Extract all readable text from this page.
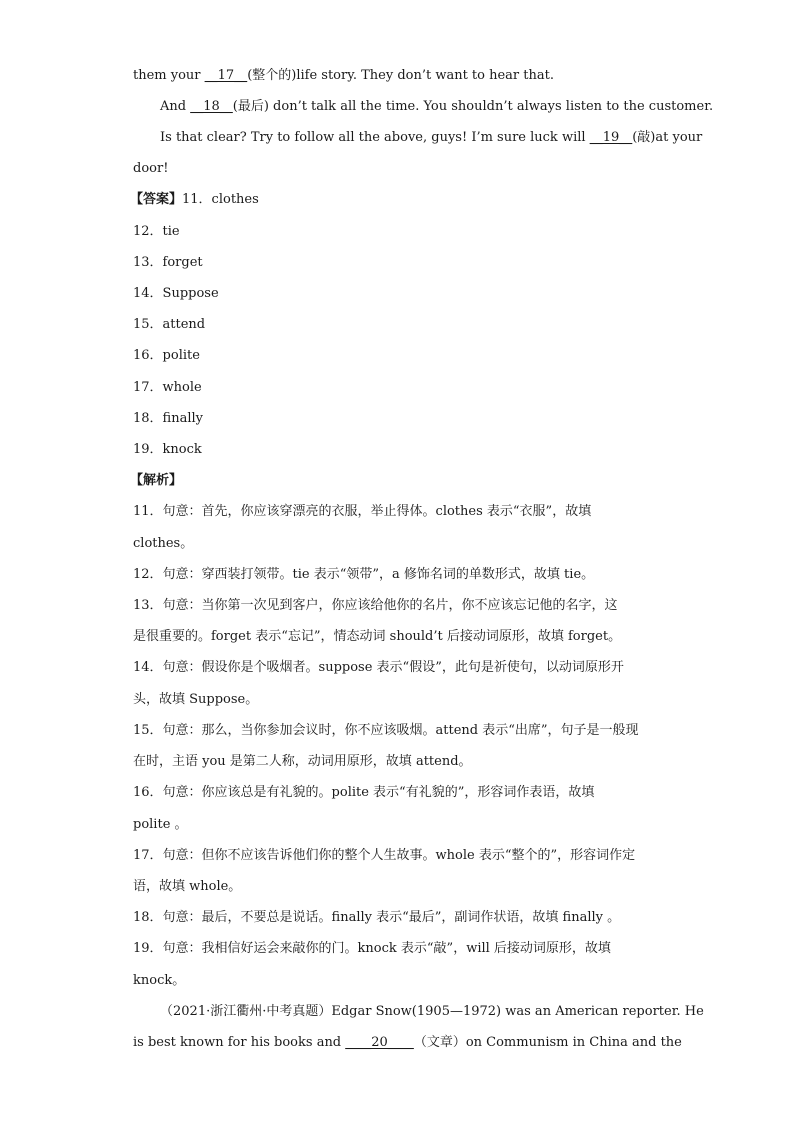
them your __17__(整个的)life story. They don’t want to hear that.
And __18__(最后) don’t talk all the time. You shouldn’t always listen to the customer.
Is that clear? Try to follow all the above, guys! I’m sure luck will __19__(敲)at your
door!
【答案】11．clothes
12．tie
13．forget
14．Suppose
15．attend
16．polite
17．whole
18．finally
19．knock
【解析】
11．句意：首先，你应该穿漂亮的衣服，举止得体。clothes 表示“衣服”，故填
clothes。
12．句意：穿西装打领带。tie 表示“领带”，a 修饰名词的单数形式，故填 tie。
13．句意：当你第一次见到客户，你应该给他你的名片，你不应该忘记他的名字，这
是很重要的。forget 表示“忘记”，情态动词 should’t 后接动词原形，故填 forget。
14．句意：假设你是个吸烟者。suppose 表示“假设”，此句是祈使句，以动词原形开
头，故填 Suppose。
15．句意：那么，当你参加会议时，你不应该吸烟。attend 表示“出席”，句子是一般现
在时，主语 you 是第二人称，动词用原形，故填 attend。
16．句意：你应该总是有礼貌的。polite 表示“有礼貌的”，形容词作表语，故填
polite 。
17．句意：但你不应该告诉他们你的整个人生故事。whole 表示“整个的”，形容词作定
语，故填 whole。
18．句意：最后，不要总是说话。finally 表示“最后”，副词作状语，故填 finally 。
19．句意：我相信好运会来敲你的门。knock 表示“敲”，will 后接动词原形，故填
knock。
（2021·浙江衢州·中考真题）Edgar Snow(1905—1972) was an American reporter. He
is best known for his books and ____20____（文章）on Communism in China and the
